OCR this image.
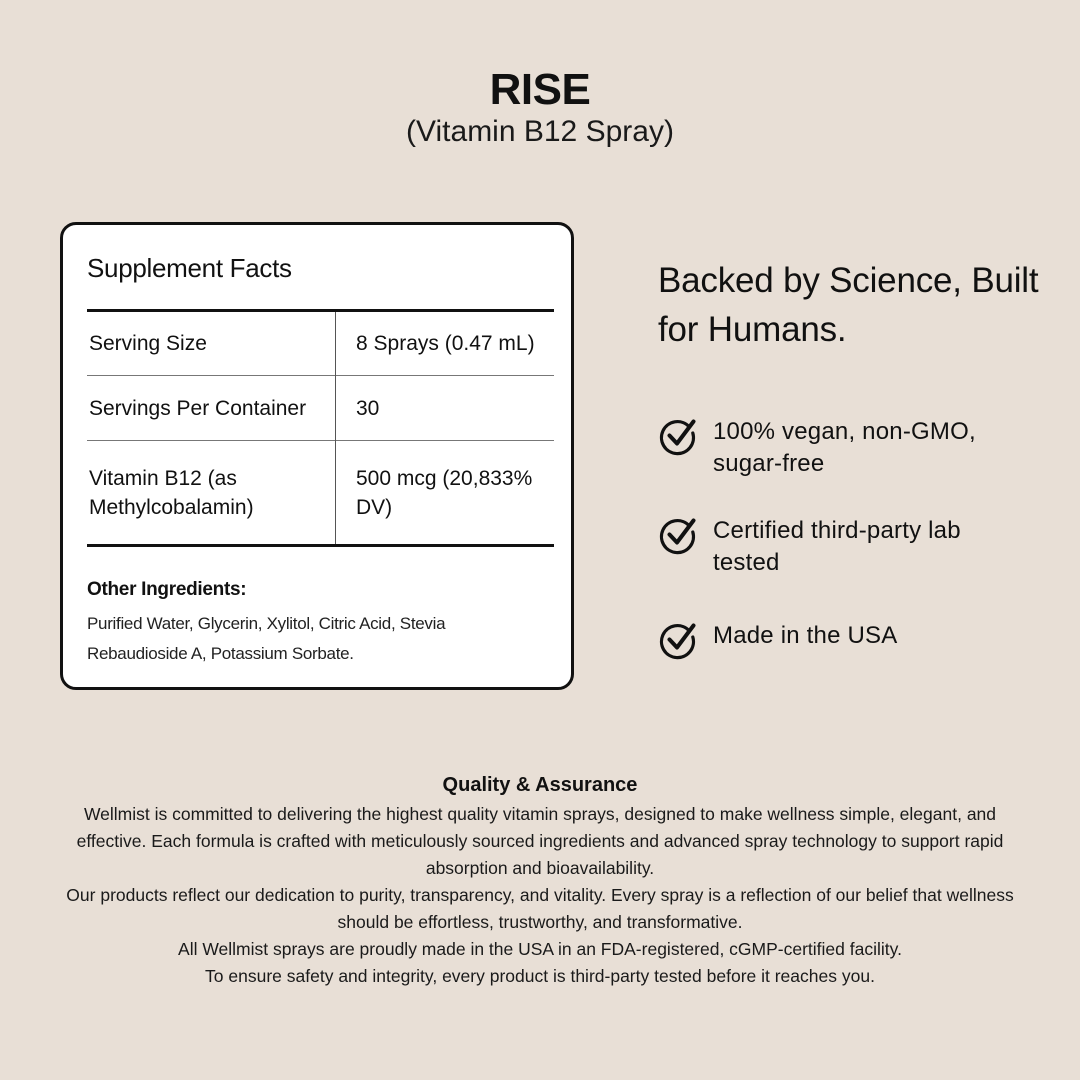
RISE
(Vitamin B12 Spray)
Supplement Facts
Serving Size	8 Sprays (0.47 mL)
Servings Per Container	30
Vitamin B12 (as Methylcobalamin)	500 mcg (20,833% DV)
Other Ingredients:

Purified Water, Glycerin, Xylitol, Citric Acid, Stevia Rebaudioside A, Potassium Sorbate.

Backed by Science, Built for Humans.
100% vegan, non-GMO, sugar-free
Certified third-party lab tested
Made in the USA
Quality & Assurance

Wellmist is committed to delivering the highest quality vitamin sprays, designed to make wellness simple, elegant, and effective. Each formula is crafted with meticulously sourced ingredients and advanced spray technology to support rapid absorption and bioavailability.

Our products reflect our dedication to purity, transparency, and vitality. Every spray is a reflection of our belief that wellness should be effortless, trustworthy, and transformative.

All Wellmist sprays are proudly made in the USA in an FDA-registered, cGMP-certified facility.

To ensure safety and integrity, every product is third-party tested before it reaches you.
